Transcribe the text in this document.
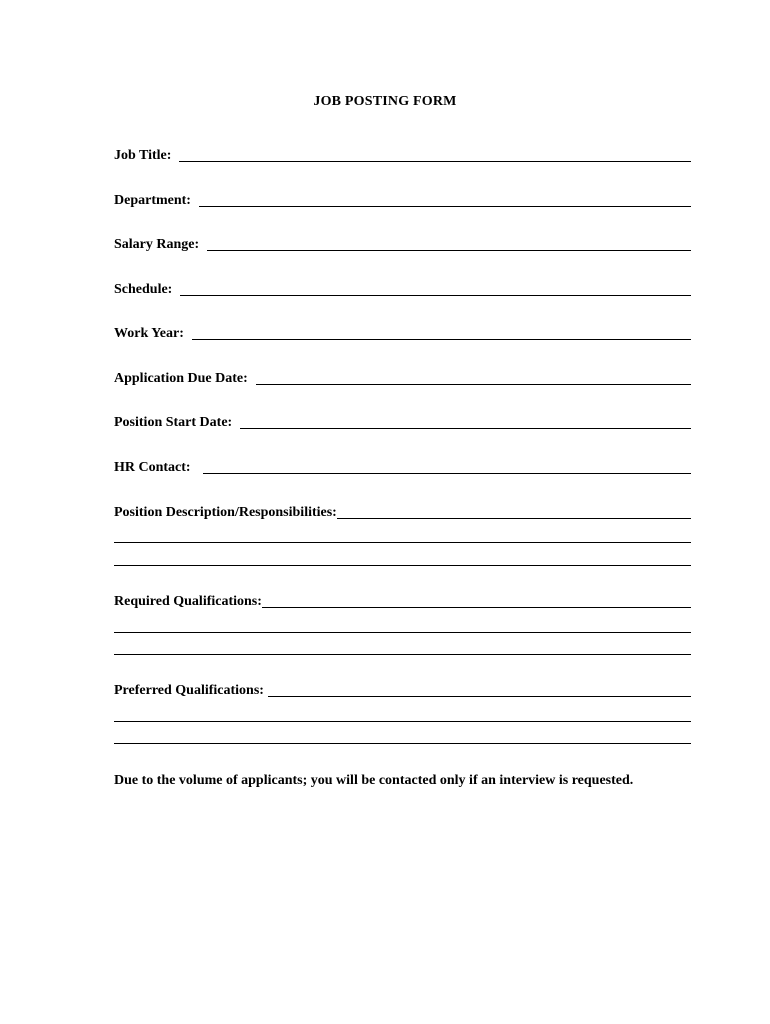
JOB POSTING FORM
Job Title:
Department:
Salary Range:
Schedule:
Work Year:
Application Due Date:
Position Start Date:
HR Contact:
Position Description/Responsibilities:
Required Qualifications:
Preferred Qualifications:
Due to the volume of applicants; you will be contacted only if an interview is requested.
